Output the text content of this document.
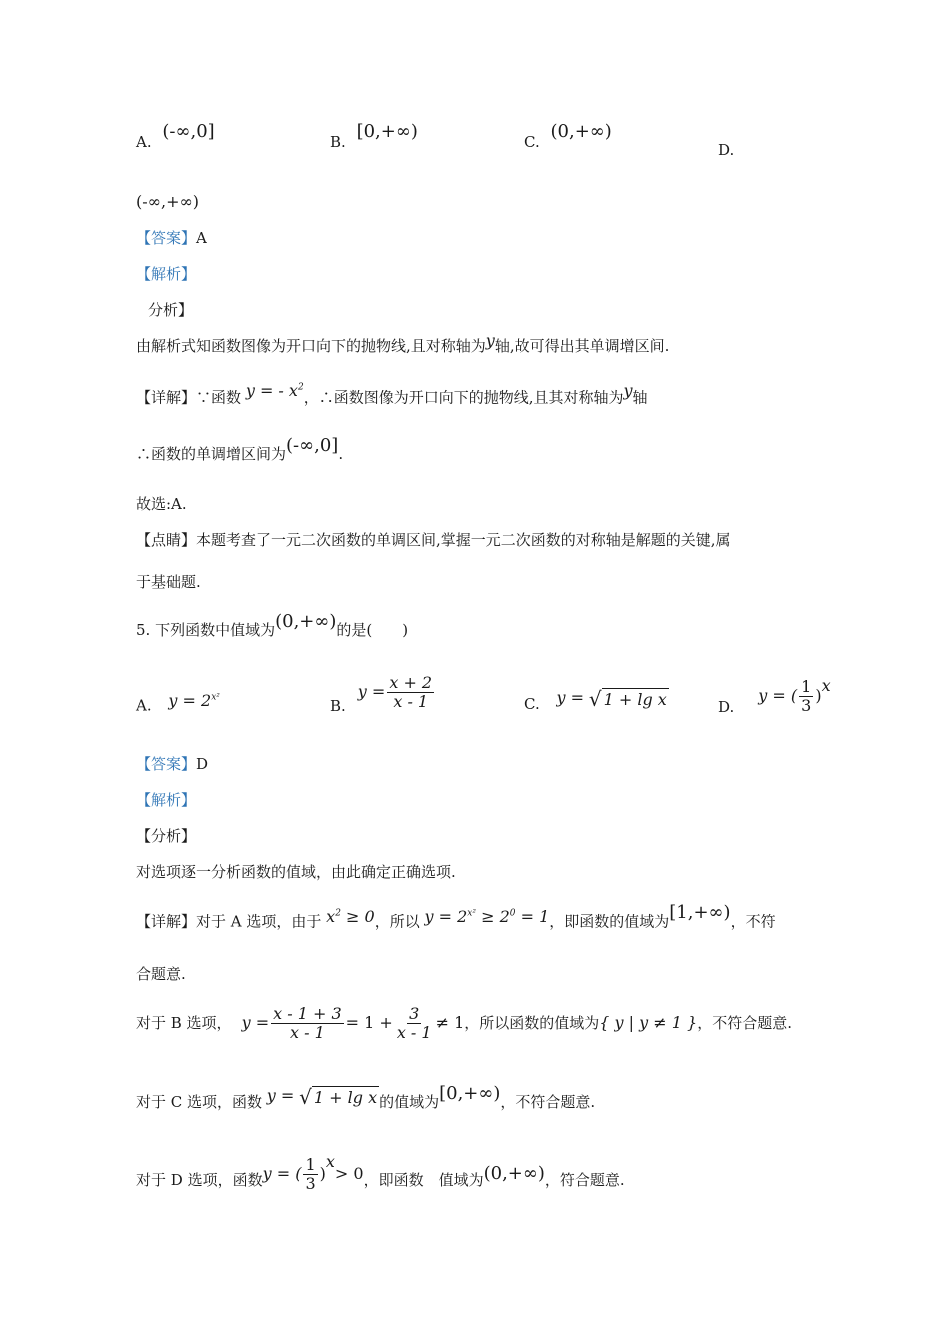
A. (-∞,0]	B. [0,+∞)	C. (0,+∞)
D.
(-∞,+∞)
【答案】A
【解析】
分析】
由解析式知函数图像为开口向下的抛物线,且对称轴为y轴,故可得出其单调增区间.
【详解】∵函数 y = - $x^2$，∴函数图像为开口向下的抛物线,且其对称轴为y轴
∴函数的单调增区间为(-∞,0].
故选:A.
【点睛】本题考查了一元二次函数的单调区间,掌握一元二次函数的对称轴是解题的关键,属
于基础题.
5. 下列函数中值域为(0,+∞)的是(　　)
A. $y = 2^{x^2}$	B.
$y = \frac{x + 2}{x - 1}$	C. y = √ 1 + lg x	D.
y = ( $\frac{1}{3}$ )
x
【答案】D
【解析】
【分析】
对选项逐一分析函数的值域，由此确定正确选项.
【详解】对于 A 选项，由于 $x^2 \ge 0$，所以 $y = 2^{x^2} \ge 2^0 = 1$，即函数的值域为[1,+∞)，不符
合题意.
对于 B 选项， $y = \frac{x - 1 + 3}{x - 1} = 1 + \frac{3}{x - 1} \ne 1$ ，所以函数的值域为 { y | y ≠ 1 } ，不符合题意.
对于 C 选项，函数 y = √ 1 + lg x 的值域为[0,+∞)，不符合题意.
对于 D 选项，函数 y = ( $\frac{1}{3}$ )
x
> 0 ，即函数　值域为 (0,+∞) ，符合题意.
